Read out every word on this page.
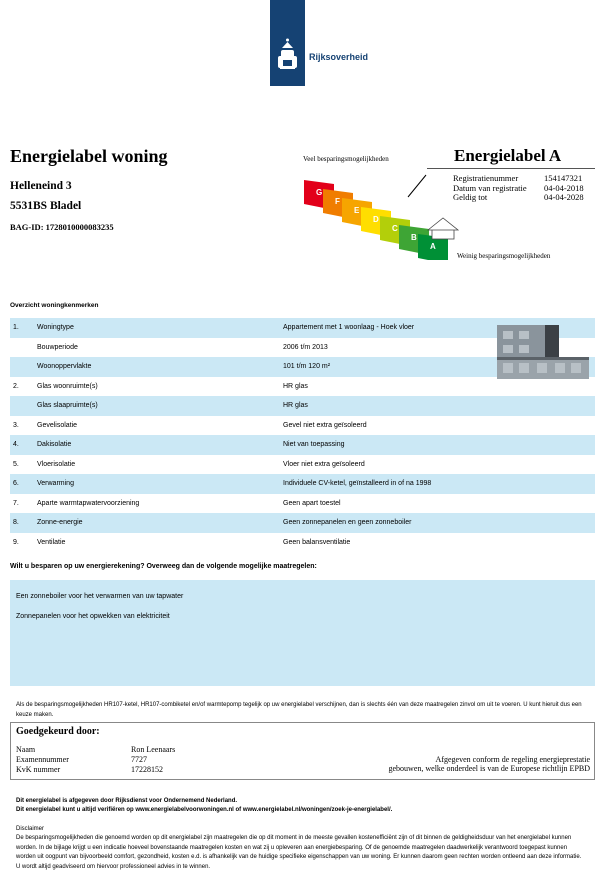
Rijksoverheid
Energielabel woning
Helleneind 3
5531BS Bladel
BAG-ID: 1728010000083235
Veel besparingsmogelijkheden
G
F
E
D
C
B
A
Energielabel A
Registratienummer	154147321
Datum van registratie 04-04-2018
Geldig tot	04-04-2028
Weinig besparingsmogelijkheden
Overzicht woningkenmerken
1.	Woningtype	Appartement met 1 woonlaag - Hoek vloer
Bouwperiode	2006 t/m 2013
Woonoppervlakte	101 t/m 120 m²
2.	Glas woonruimte(s)	HR glas
Glas slaapruimte(s)	HR glas
3.	Gevelisolatie	Gevel niet extra geïsoleerd
4.	Dakisolatie	Niet van toepassing
5.	Vloerisolatie	Vloer niet extra geïsoleerd
6.	Verwarming	Individuele CV-ketel, geïnstalleerd in of na 1998
7.	Aparte warmtapwatervoorziening	Geen apart toestel
8.	Zonne-energie	Geen zonnepanelen en geen zonneboiler
9.	Ventilatie	Geen balansventilatie
Wilt u besparen op uw energierekening? Overweeg dan de volgende mogelijke maatregelen:
Een zonneboiler voor het verwarmen van uw tapwater
Zonnepanelen voor het opwekken van elektriciteit
Als de besparingsmogelijkheden HR107-ketel, HR107-combiketel en/of warmtepomp tegelijk op uw energielabel verschijnen, dan is slechts één van deze maatregelen zinvol om uit te voeren. U kunt hieruit dus een keuze maken.
Goedgekeurd door:
Naam	Ron Leenaars
Examennummer	7727
KvK nummer	17228152
Afgegeven conform de regeling energieprestatie
gebouwen, welke onderdeel is van de Europese richtlijn EPBD
Dit energielabel is afgegeven door Rijksdienst voor Ondernemend Nederland.
Dit energielabel kunt u altijd verifiëren op www.energielabelvoorwoningen.nl of www.energielabel.nl/woningen/zoek-je-energielabel/.
Disclaimer
De besparingsmogelijkheden die genoemd worden op dit energielabel zijn maatregelen die op dit moment in de meeste gevallen kostenefficiënt zijn of dit binnen de geldigheidsduur van het energielabel kunnen worden. In de bijlage krijgt u een indicatie hoeveel bovenstaande maatregelen kosten en wat zij u opleveren aan energiebesparing. Of de genoemde maatregelen daadwerkelijk verantwoord toegepast kunnen worden uit oogpunt van bijvoorbeeld comfort, gezondheid, kosten e.d. is afhankelijk van de huidige specifieke eigenschappen van uw woning. Er kunnen daarom geen rechten worden ontleend aan deze informatie. U wordt altijd geadviseerd om hiervoor professioneel advies in te winnen.
